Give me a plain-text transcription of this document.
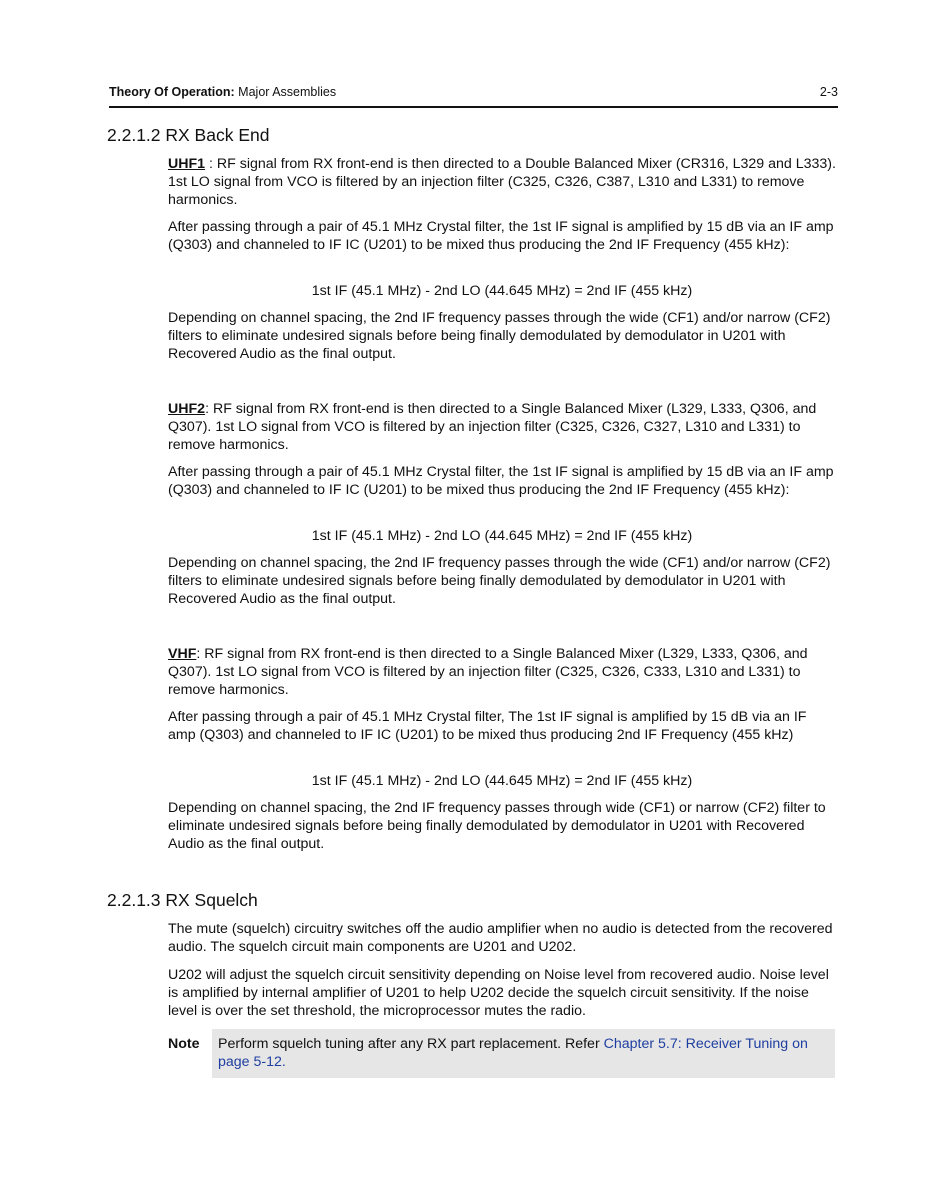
Theory Of Operation: Major Assemblies	2-3
2.2.1.2 RX Back End

UHF1 : RF signal from RX front-end is then directed to a Double Balanced Mixer (CR316, L329 and L333). 1st LO signal from VCO is filtered by an injection filter (C325, C326, C387, L310 and L331) to remove harmonics.

After passing through a pair of 45.1 MHz Crystal filter, the 1st IF signal is amplified by 15 dB via an IF amp (Q303) and channeled to IF IC (U201) to be mixed thus producing the 2nd IF Frequency (455 kHz):

1st IF (45.1 MHz) - 2nd LO (44.645 MHz) = 2nd IF (455 kHz)

Depending on channel spacing, the 2nd IF frequency passes through the wide (CF1) and/or narrow (CF2) filters to eliminate undesired signals before being finally demodulated by demodulator in U201 with Recovered Audio as the final output.

UHF2: RF signal from RX front-end is then directed to a Single Balanced Mixer (L329, L333, Q306, and Q307). 1st LO signal from VCO is filtered by an injection filter (C325, C326, C327, L310 and L331) to remove harmonics.

After passing through a pair of 45.1 MHz Crystal filter, the 1st IF signal is amplified by 15 dB via an IF amp (Q303) and channeled to IF IC (U201) to be mixed thus producing the 2nd IF Frequency (455 kHz):

1st IF (45.1 MHz) - 2nd LO (44.645 MHz) = 2nd IF (455 kHz)

Depending on channel spacing, the 2nd IF frequency passes through the wide (CF1) and/or narrow (CF2) filters to eliminate undesired signals before being finally demodulated by demodulator in U201 with Recovered Audio as the final output.

VHF: RF signal from RX front-end is then directed to a Single Balanced Mixer (L329, L333, Q306, and Q307). 1st LO signal from VCO is filtered by an injection filter (C325, C326, C333, L310 and L331) to remove harmonics.

After passing through a pair of 45.1 MHz Crystal filter, The 1st IF signal is amplified by 15 dB via an IF amp (Q303) and channeled to IF IC (U201) to be mixed thus producing 2nd IF Frequency (455 kHz)

1st IF (45.1 MHz) - 2nd LO (44.645 MHz) = 2nd IF (455 kHz)

Depending on channel spacing, the 2nd IF frequency passes through wide (CF1) or narrow (CF2) filter to eliminate undesired signals before being finally demodulated by demodulator in U201 with Recovered Audio as the final output.

2.2.1.3 RX Squelch

The mute (squelch) circuitry switches off the audio amplifier when no audio is detected from the recovered audio. The squelch circuit main components are U201 and U202.

U202 will adjust the squelch circuit sensitivity depending on Noise level from recovered audio. Noise level is amplified by internal amplifier of U201 to help U202 decide the squelch circuit sensitivity. If the noise level is over the set threshold, the microprocessor mutes the radio.

Note Perform squelch tuning after any RX part replacement. Refer Chapter 5.7: Receiver Tuning on page 5-12.
